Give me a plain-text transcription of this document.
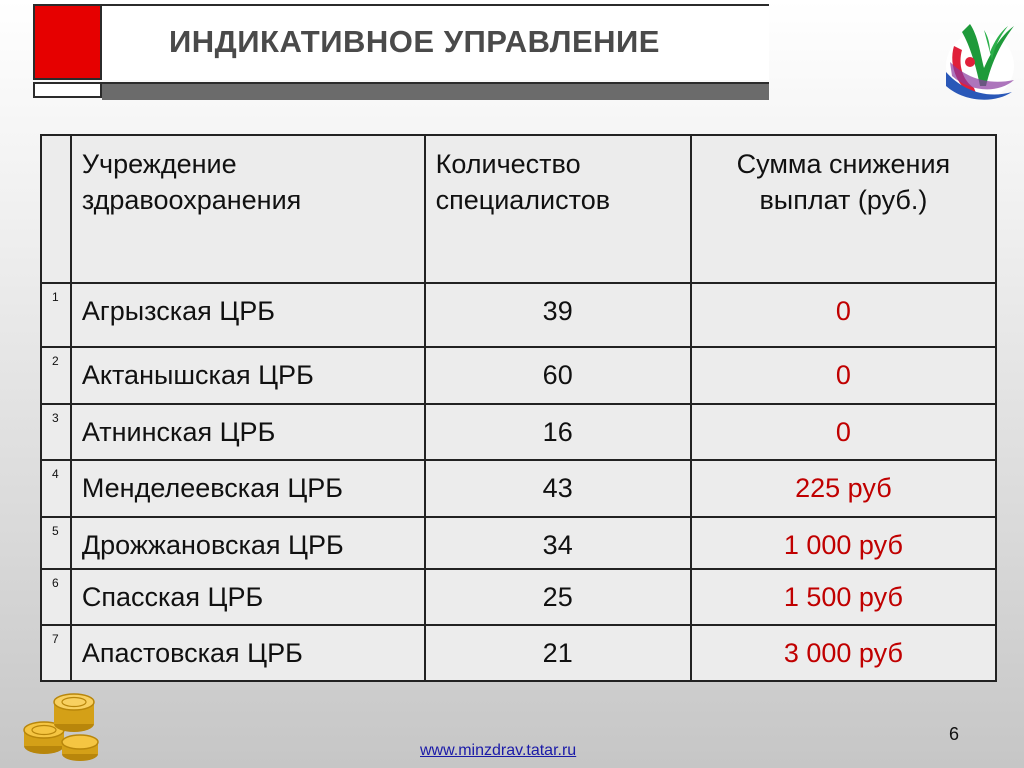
ИНДИКАТИВНОЕ УПРАВЛЕНИЕ
	Учреждение здравоохранения	Количество специалистов	Сумма снижения выплат (руб.)
1	Агрызская ЦРБ	39	0

2	Актанышская ЦРБ	60	0

3	Атнинская ЦРБ	16	0

4	Менделеевская ЦРБ	43	225 руб

5	Дрожжановская ЦРБ	34	1 000 руб

6	Спасская ЦРБ	25	1 500 руб

7	Апастовская ЦРБ	21	3 000 руб
6
www.minzdrav.tatar.ru
